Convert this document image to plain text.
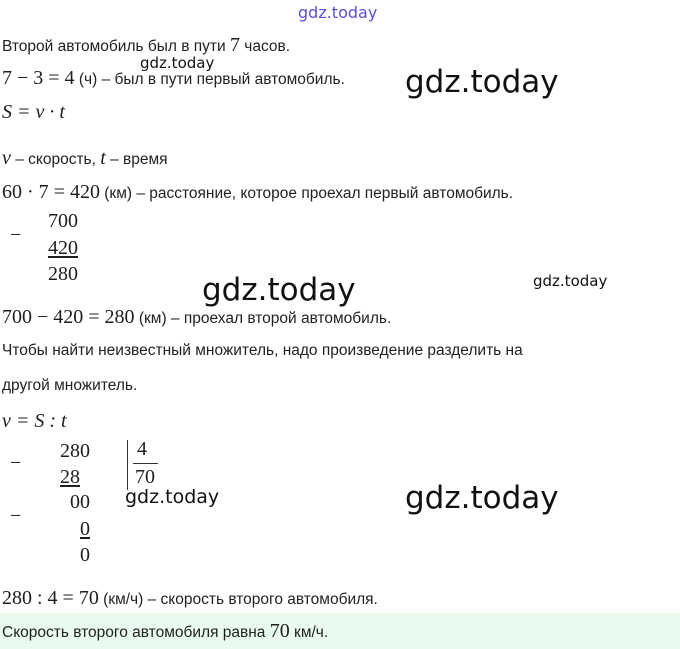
gdz.today
Второй автомобиль был в пути 7 часов.
gdz.today
7 − 3 = 4 (ч) – был в пути первый автомобиль. gdz.today
S = v · t
v – скорость, t – время
60 · 7 = 420 (км) – расстояние, которое проехал первый автомобиль.
−
700
420
280	gdz.today	gdz.today
700 − 420 = 280 (км) – проехал второй автомобиль.
Чтобы найти неизвестный множитель, надо произведение разделить на
другой множитель.
v = S : t
−
280
28
00
−
0
0
4
70
gdz.today	gdz.today
280 : 4 = 70 (км/ч) – скорость второго автомобиля.
Скорость второго автомобиля равна 70 км/ч.
